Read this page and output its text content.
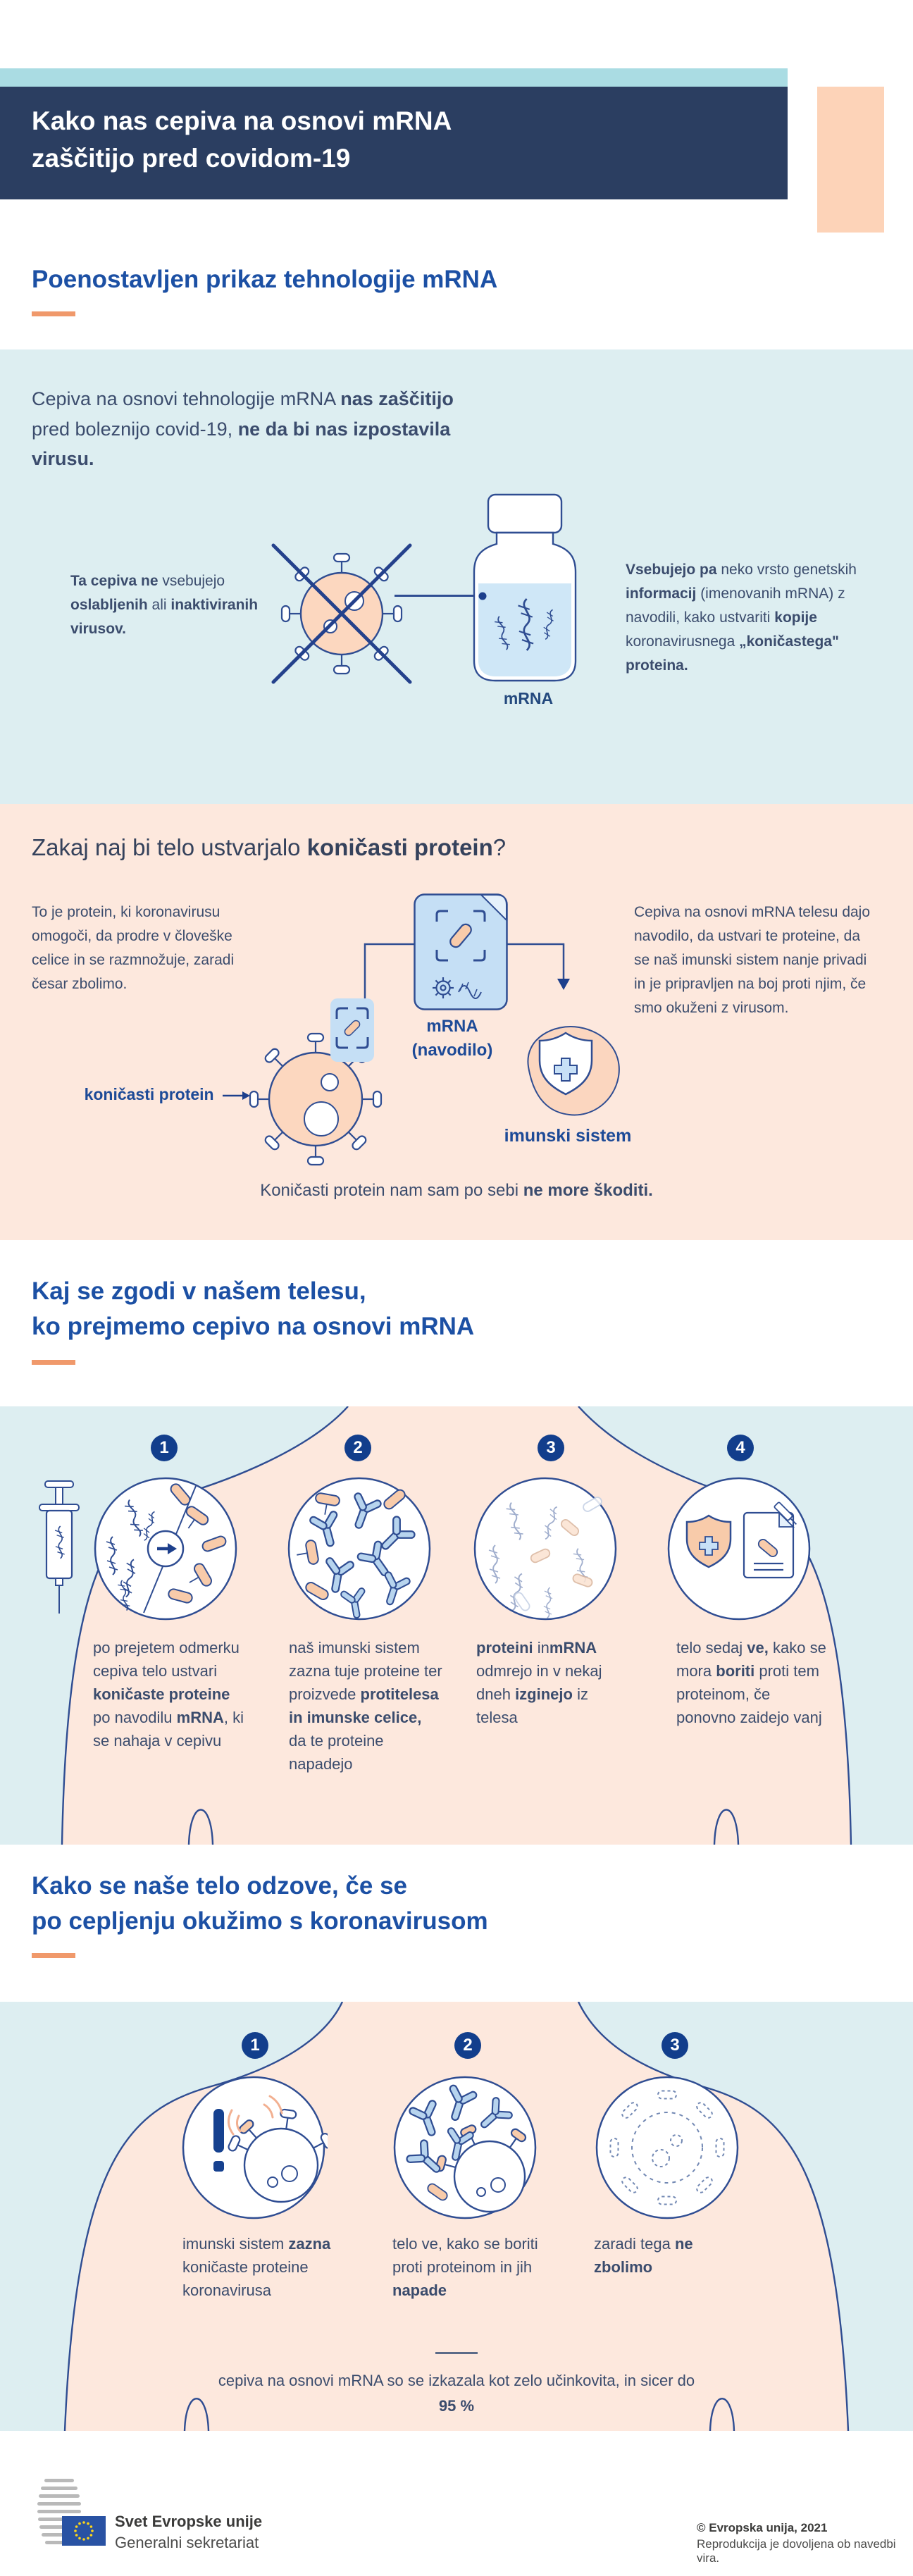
Kako nas cepiva na osnovi mRNA
zaščitijo pred covidom-19
Poenostavljen prikaz tehnologije mRNA
Cepiva na osnovi tehnologije mRNA nas zaščitijo pred boleznijo covid-19, ne da bi nas izpostavila virusu.
Ta cepiva ne vsebujejo oslabljenih ali inaktiviranih virusov.
mRNA
Vsebujejo pa neko vrsto genetskih informacij (imenovanih mRNA) z navodili, kako ustvariti kopije koronavirusnega „koničastega" proteina.
Zakaj naj bi telo ustvarjalo koničasti protein?
To je protein, ki koronavirusu omogoči, da prodre v človeške celice in se razmnožuje, zaradi česar zbolimo.
Cepiva na osnovi mRNA telesu dajo navodilo, da ustvari te proteine, da se naš imunski sistem nanje privadi in je pripravljen na boj proti njim, če smo okuženi z virusom.
koničasti protein
mRNA
(navodilo)
imunski sistem
Koničasti protein nam sam po sebi ne more škoditi.
Kaj se zgodi v našem telesu,
ko prejmemo cepivo na osnovi mRNA
1	2	3	4
po prejetem odmerku cepiva telo ustvari koničaste proteine po navodilu mRNA, ki se nahaja v cepivu
naš imunski sistem zazna tuje proteine ter proizvede protitelesa in imunske celice, da te proteine napadejo
proteini inmRNA odmrejo in v nekaj dneh izginejo iz telesa
telo sedaj ve, kako se mora boriti proti tem proteinom, če ponovno zaidejo vanj
Kako se naše telo odzove, če se
po cepljenju okužimo s koronavirusom
1	2	3
imunski sistem zazna koničaste proteine koronavirusa
telo ve, kako se boriti proti proteinom in jih napade
zaradi tega ne zbolimo
cepiva na osnovi mRNA so se izkazala kot zelo učinkovita, in sicer do
95 %
Svet Evropske unije
Generalni sekretariat
© Evropska unija, 2021
Reprodukcija je dovoljena ob navedbi vira.
